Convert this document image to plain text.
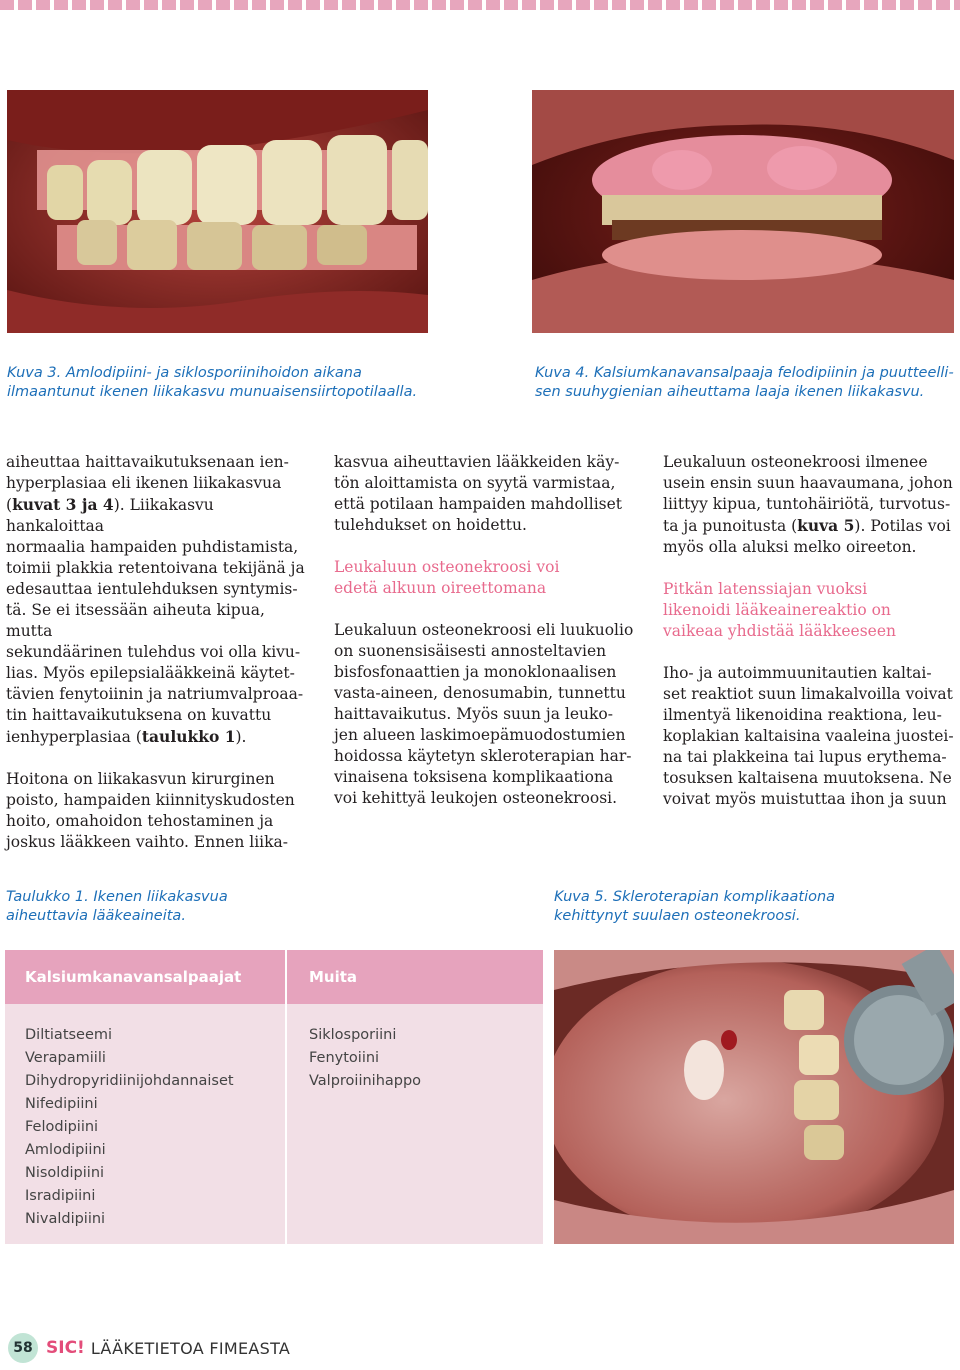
Kuva 3. Amlodipiini- ja siklosporiinihoidon aikana
ilmaantunut ikenen liikakasvu munuaisensiirtopotilaalla.

Kuva 4. Kalsiumkanavansalpaaja felodipiinin ja puutteelli-
sen suuhygienian aiheuttama laaja ikenen liikakasvu.

aiheuttaa haittavaikutuksenaan ien-
hyperplasiaa eli ikenen liikakasvua
(kuvat 3 ja 4). Liikakasvu hankaloittaa
normaalia hampaiden puhdistamista,
toimii plakkia retentoivana tekijänä ja
edesauttaa ientulehduksen syntymis-
tä. Se ei itsessään aiheuta kipua, mutta
sekundäärinen tulehdus voi olla kivu-
lias. Myös epilepsialääkkeinä käytet-
tävien fenytoiinin ja natriumvalproaa-
tin haittavaikutuksena on kuvattu
ienhyperplasiaa (taulukko 1).

Hoitona on liikakasvun kirurginen
poisto, hampaiden kiinnityskudosten
hoito, omahoidon tehostaminen ja
joskus lääkkeen vaihto. Ennen liika-

kasvua aiheuttavien lääkkeiden käy-
tön aloittamista on syytä varmistaa,
että potilaan hampaiden mahdolliset
tulehdukset on hoidettu.

Leukaluun osteonekroosi voi
edetä alkuun oireettomana

Leukaluun osteonekroosi eli luukuolio
on suonensisäisesti annosteltavien
bisfosfonaattien ja monoklonaalisen
vasta-aineen, denosumabin, tunnettu
haittavaikutus. Myös suun ja leuko-
jen alueen laskimoepämuodostumien
hoidossa käytetyn skleroterapian har-
vinaisena toksisena komplikaationa
voi kehittyä leukojen osteonekroosi.

Leukaluun osteonekroosi ilmenee
usein ensin suun haavaumana, johon
liittyy kipua, tuntohäiriötä, turvotus-
ta ja punoitusta (kuva 5). Potilas voi
myös olla aluksi melko oireeton.

Pitkän latenssiajan vuoksi
likenoidi lääkeainereaktio on
vaikeaa yhdistää lääkkeeseen

Iho- ja autoimmuunitautien kaltai-
set reaktiot suun limakalvoilla voivat
ilmentyä likenoidina reaktiona, leu-
koplakian kaltaisina vaaleina juostei-
na tai plakkeina tai lupus erythema-
tosuksen kaltaisena muutoksena. Ne
voivat myös muistuttaa ihon ja suun

Taulukko 1. Ikenen liikakasvua
aiheuttavia lääkeaineita.

Kuva 5. Skleroterapian komplikaationa
kehittynyt suulaen osteonekroosi.

Kalsiumkanavansalpaajat	Muita
Diltiatseemi
Verapamiili
Dihydropyridiinijohdannaiset
Nifedipiini
Felodipiini
Amlodipiini
Nisoldipiini
Isradipiini
Nivaldipiini
Siklosporiini
Fenytoiini
Valproiinihappo
58 SIC! LÄÄKETIETOA FIMEASTA
